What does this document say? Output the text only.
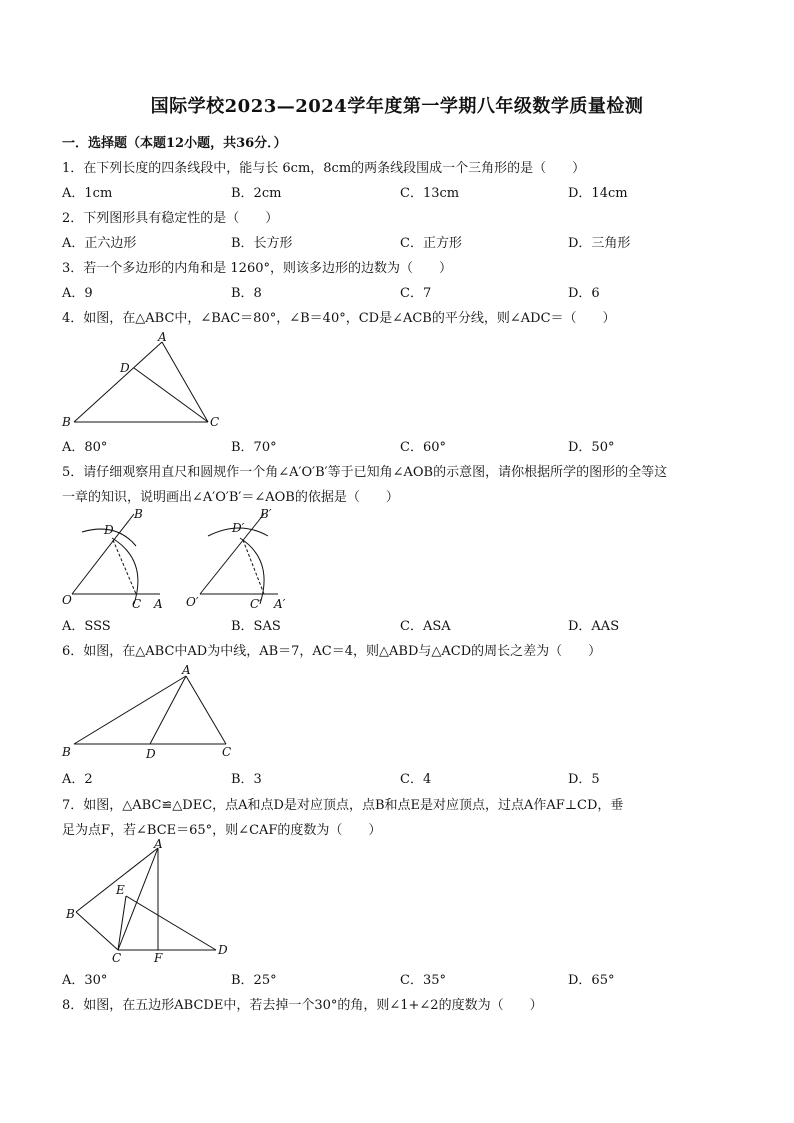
国际学校2023—2024学年度第一学期八年级数学质量检测
一．选择题（本题12小题，共36分．）
1．在下列长度的四条线段中，能与长 6cm，8cm的两条线段围成一个三角形的是（　　）
A．1cm	B．2cm	C．13cm	D．14cm
2．下列图形具有稳定性的是（　　）
A．正六边形	B．长方形	C．正方形	D．三角形
3．若一个多边形的内角和是 1260°，则该多边形的边数为（　　）
A．9	B．8	C．7	D．6
4．如图，在△ABC中，∠BAC＝80°，∠B＝40°，CD是∠ACB的平分线，则∠ADC＝（　　）
A
D
B	C
A．80°	B．70°	C．60°	D．50°
5．请仔细观察用直尺和圆规作一个角∠A′O′B′等于已知角∠AOB的示意图，请你根据所学的图形的全等这
一章的知识，说明画出∠A′O′B′＝∠AOB的依据是（　　）
B
D
O	C A
B′
D′
O′	C′ A′
A．SSS	B．SAS	C．ASA	D．AAS
6．如图，在△ABC中AD为中线，AB＝7，AC＝4，则△ABD与△ACD的周长之差为（　　）
A
B	D	C
A．2	B．3	C．4	D．5
7．如图，△ABC≌△DEC，点A和点D是对应顶点，点B和点E是对应顶点，过点A作AF⊥CD，垂
足为点F，若∠BCE＝65°，则∠CAF的度数为（　　）
A
E
B
C	F
D
A．30°	B．25°	C．35°	D．65°
8．如图，在五边形ABCDE中，若去掉一个30°的角，则∠1+∠2的度数为（　　）
